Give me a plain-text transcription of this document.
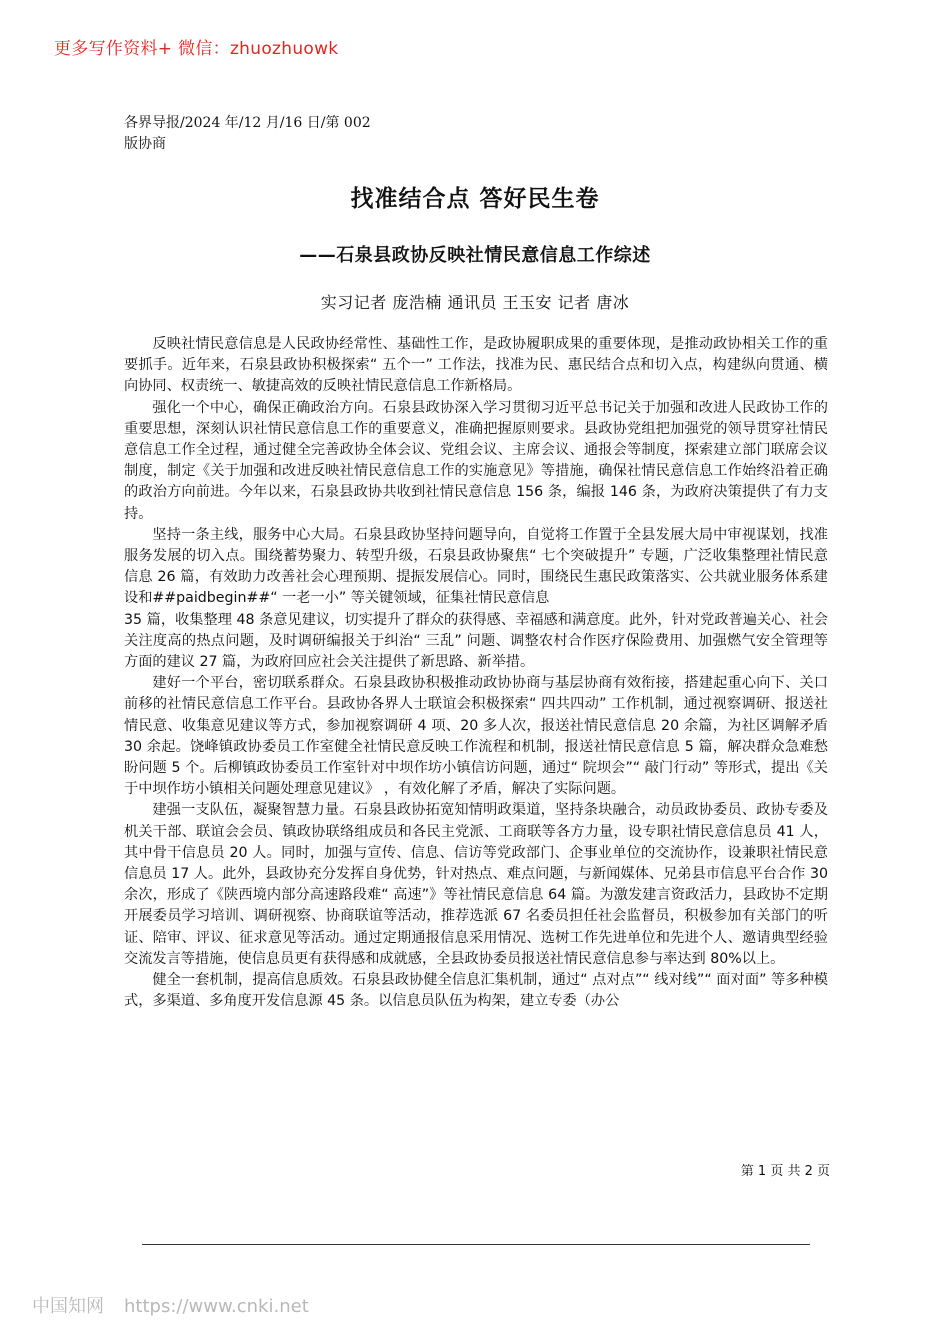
更多写作资料+ 微信：zhuozhuowk
各界导报/2024 年/12 月/16 日/第 002
版协商
找准结合点 答好民生卷
——石泉县政协反映社情民意信息工作综述
实习记者 庞浩楠 通讯员 王玉安 记者 唐冰

反映社情民意信息是人民政协经常性、基础性工作，是政协履职成果的重要体现，是推动政协相关工作的重要抓手。近年来，石泉县政协积极探索“ 五个一” 工作法，找准为民、惠民结合点和切入点，构建纵向贯通、横向协同、权责统一、敏捷高效的反映社情民意信息工作新格局。

强化一个中心，确保正确政治方向。石泉县政协深入学习贯彻习近平总书记关于加强和改进人民政协工作的重要思想，深刻认识社情民意信息工作的重要意义，准确把握原则要求。县政协党组把加强党的领导贯穿社情民意信息工作全过程，通过健全完善政协全体会议、党组会议、主席会议、通报会等制度，探索建立部门联席会议制度，制定《关于加强和改进反映社情民意信息工作的实施意见》等措施，确保社情民意信息工作始终沿着正确的政治方向前进。今年以来，石泉县政协共收到社情民意信息 156 条，编报 146 条，为政府决策提供了有力支持。

坚持一条主线，服务中心大局。石泉县政协坚持问题导向，自觉将工作置于全县发展大局中审视谋划，找准服务发展的切入点。围绕蓄势聚力、转型升级，石泉县政协聚焦“ 七个突破提升” 专题，广泛收集整理社情民意信息 26 篇，有效助力改善社会心理预期、提振发展信心。同时，围绕民生惠民政策落实、公共就业服务体系建设和##paidbegin##“ 一老一小” 等关键领域，征集社情民意信息

35 篇，收集整理 48 条意见建议，切实提升了群众的获得感、幸福感和满意度。此外，针对党政普遍关心、社会关注度高的热点问题，及时调研编报关于纠治“ 三乱” 问题、调整农村合作医疗保险费用、加强燃气安全管理等方面的建议 27 篇，为政府回应社会关注提供了新思路、新举措。

建好一个平台，密切联系群众。石泉县政协积极推动政协协商与基层协商有效衔接，搭建起重心向下、关口前移的社情民意信息工作平台。县政协各界人士联谊会积极探索“ 四共四动” 工作机制，通过视察调研、报送社情民意、收集意见建议等方式，参加视察调研 4 项、20 多人次，报送社情民意信息 20 余篇，为社区调解矛盾 30 余起。饶峰镇政协委员工作室健全社情民意反映工作流程和机制，报送社情民意信息 5 篇，解决群众急难愁盼问题 5 个。后柳镇政协委员工作室针对中坝作坊小镇信访问题，通过“ 院坝会”“ 敲门行动” 等形式，提出《关于中坝作坊小镇相关问题处理意见建议》 ，有效化解了矛盾，解决了实际问题。

建强一支队伍，凝聚智慧力量。石泉县政协拓宽知情明政渠道，坚持条块融合，动员政协委员、政协专委及机关干部、联谊会会员、镇政协联络组成员和各民主党派、工商联等各方力量，设专职社情民意信息员 41 人，其中骨干信息员 20 人。同时，加强与宣传、信息、信访等党政部门、企事业单位的交流协作，设兼职社情民意信息员 17 人。此外，县政协充分发挥自身优势，针对热点、难点问题，与新闻媒体、兄弟县市信息平台合作 30 余次，形成了《陕西境内部分高速路段难“ 高速”》等社情民意信息 64 篇。为激发建言资政活力，县政协不定期开展委员学习培训、调研视察、协商联谊等活动，推荐选派 67 名委员担任社会监督员，积极参加有关部门的听证、陪审、评议、征求意见等活动。通过定期通报信息采用情况、选树工作先进单位和先进个人、邀请典型经验交流发言等措施，使信息员更有获得感和成就感，全县政协委员报送社情民意信息参与率达到 80%以上。

健全一套机制，提高信息质效。石泉县政协健全信息汇集机制，通过“ 点对点”“ 线对线”“ 面对面” 等多种模式，多渠道、多角度开发信息源 45 条。以信息员队伍为构架，建立专委（办公

第 1 页 共 2 页
中国知网 https://www.cnki.net
